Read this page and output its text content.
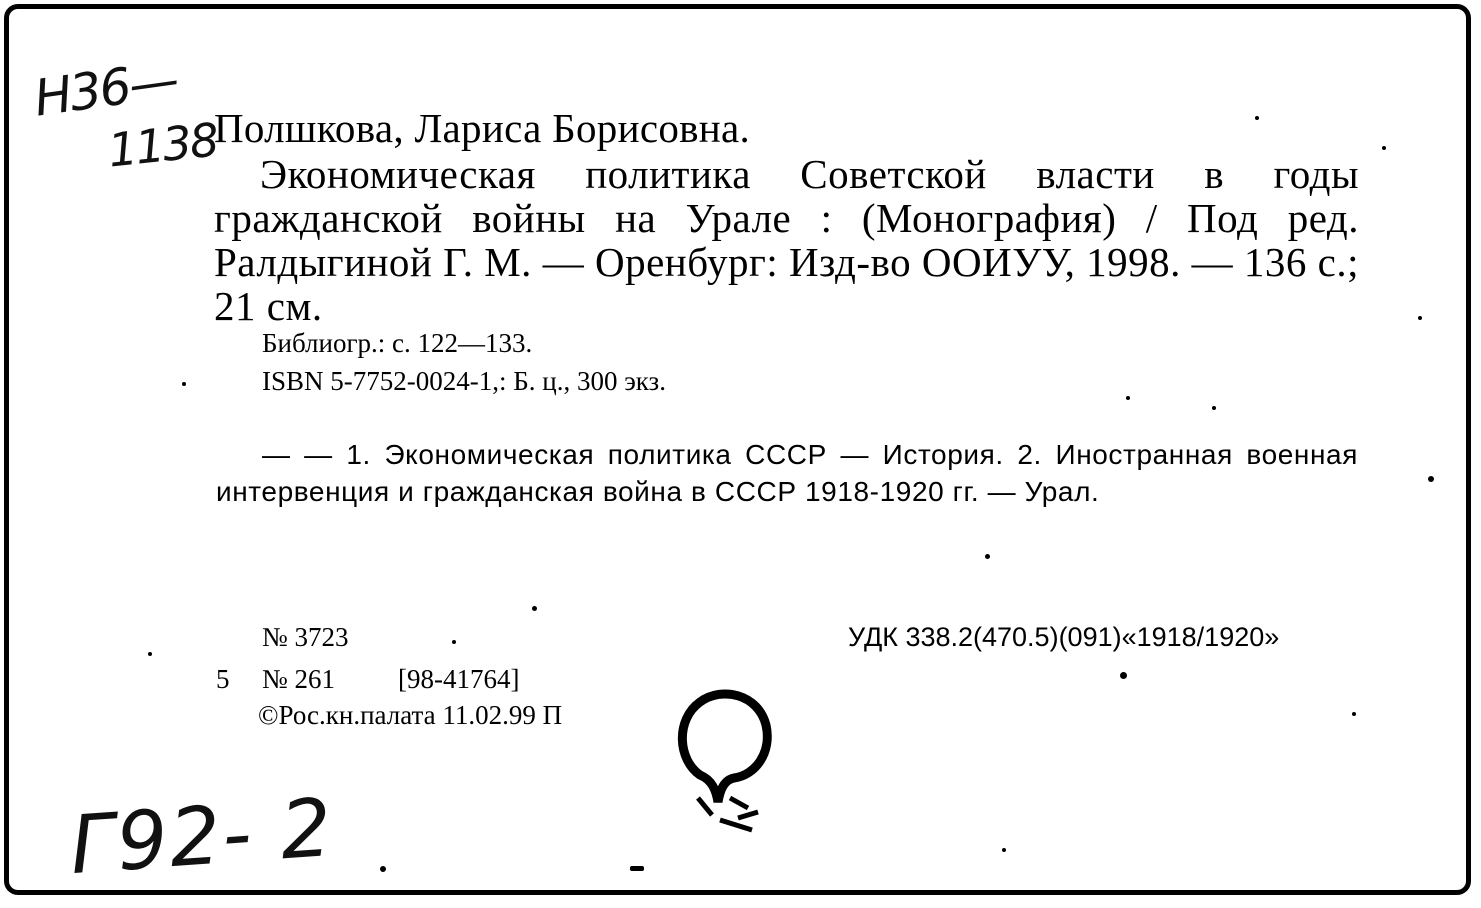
Н36—
1138
Полшкова, Лариса Борисовна.
Экономическая политика Советской власти в годы гражданской войны на Урале : (Монография) / Под ред. Ралдыгиной Г. М. — Оренбург: Изд-во ООИУУ, 1998. — 136 с.; 21 см.
Библиогр.: с. 122—133.
ISBN 5-7752-0024-1,: Б. ц., 300 экз.
— — 1. Экономическая политика СССР — История. 2. Иностранная военная интервенция и гражданская война в СССР 1918-1920 гг. — Урал.
№ 3723	УДК 338.2(470.5)(091)«1918/1920»
5 № 261 [98-41764]
©Рос.кн.палата 11.02.99 П
Г92- 2
